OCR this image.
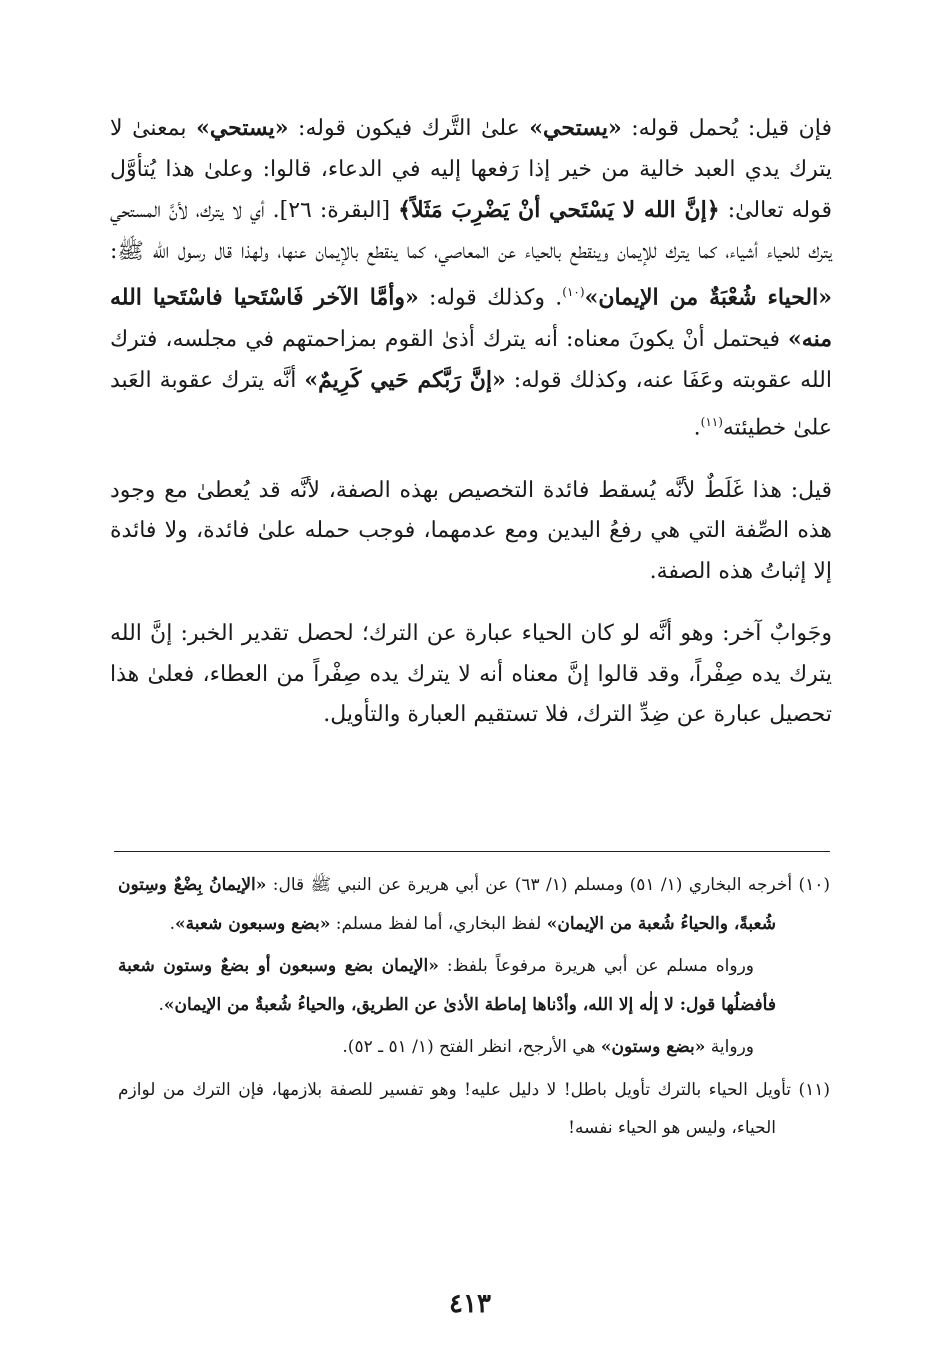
فإن قيل: يُحمل قوله: «يستحي» علىٰ التَّرك فيكون قوله: «يستحي» بمعنىٰ لا يترك يدي العبد خالية من خير إذا رَفعها إليه في الدعاء، قالوا: وعلىٰ هذا يُتأوَّل قوله تعالىٰ: ﴿إنَّ الله لا يَسْتَحي أنْ يَضْرِبَ مَثَلاً﴾ [البقرة: ٢٦]. أي لا يترك، لأنَّ المستحي يترك للحياء أشياء، كما يترك للإيمان وينقطع بالحياء عن المعاصي، كما ينقطع بالإيمان عنها، ولهذا قال رسول الله ﷺ: «الحياء شُعْبَةٌ من الإيمان»$^{(١٠)}$. وكذلك قوله: «وأمَّا الآخر فَاسْتَحيا فاسْتَحيا الله منه» فيحتمل أنْ يكونَ معناه: أنه يترك أذىٰ القوم بمزاحمتهم في مجلسه، فترك الله عقوبته وعَفَا عنه، وكذلك قوله: «إنَّ رَبَّكم حَيي كَرِيمٌ» أنَّه يترك عقوبة العَبد علىٰ خطيئته$^{(١١)}$.

قيل: هذا غَلَطٌ لأنَّه يُسقط فائدة التخصيص بهذه الصفة، لأنَّه قد يُعطىٰ مع وجود هذه الصِّفة التي هي رفعُ اليدين ومع عدمهما، فوجب حمله علىٰ فائدة، ولا فائدة إلا إثباتُ هذه الصفة.

وجَوابٌ آخر: وهو أنَّه لو كان الحياء عبارة عن الترك؛ لحصل تقدير الخبر: إنَّ الله يترك يده صِفْراً، وقد قالوا إنَّ معناه أنه لا يترك يده صِفْراً من العطاء، فعلىٰ هذا تحصيل عبارة عن ضِدِّ الترك، فلا تستقيم العبارة والتأويل.

(١٠) أخرجه البخاري (١/ ٥١) ومسلم (١/ ٦٣) عن أبي هريرة عن النبي ﷺ قال: «الإيمانُ بِضْعٌ وسِتون شُعبةً، والحياءُ شُعبة من الإيمان» لفظ البخاري، أما لفظ مسلم: «بضع وسبعون شعبة».

ورواه مسلم عن أبي هريرة مرفوعاً بلفظ: «الإيمان بضع وسبعون أو بضعٌ وستون شعبة فأفضلُها قول: لا إلٰه إلا الله، وأدْناها إماطة الأذىٰ عن الطريق، والحياءُ شُعبةٌ من الإيمان».

ورواية «بضع وستون» هي الأرجح، انظر الفتح (١/ ٥١ ـ ٥٢).

(١١) تأويل الحياء بالترك تأويل باطل! لا دليل عليه! وهو تفسير للصفة بلازمها، فإن الترك من لوازم الحياء، وليس هو الحياء نفسه!

٤١٣
